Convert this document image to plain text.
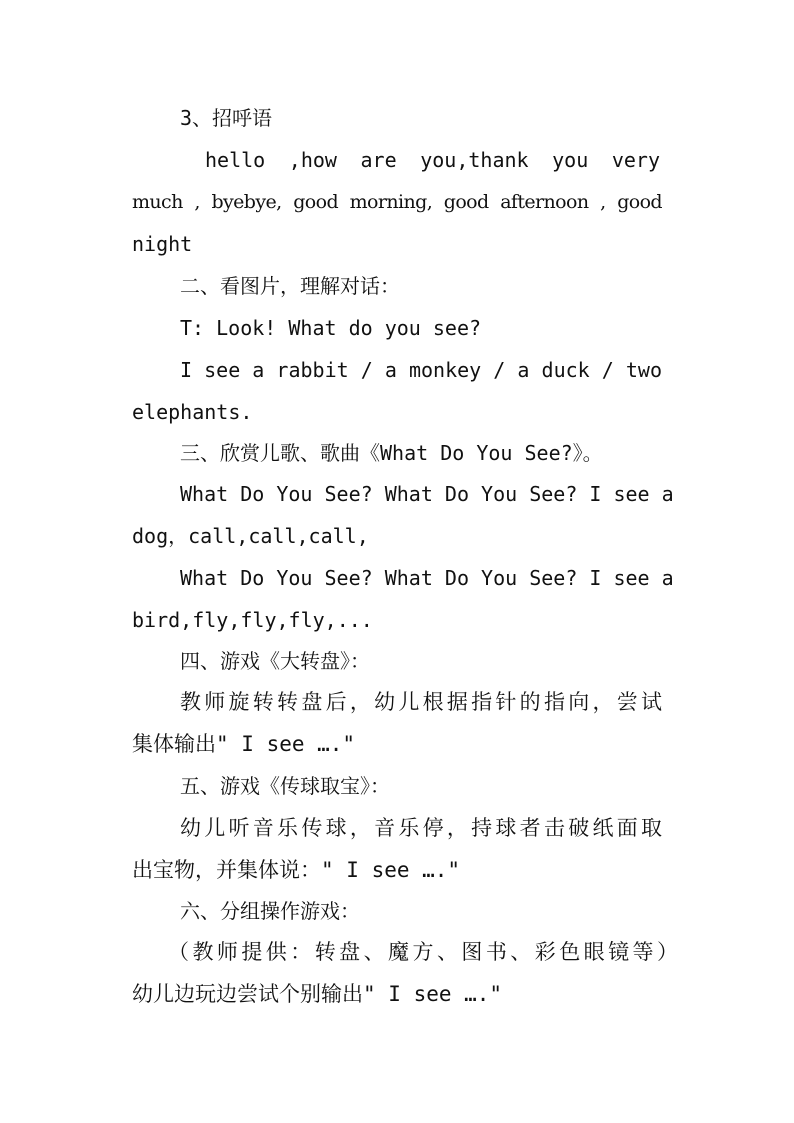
3、招呼语
hello ,how are you,thank you very
much , byebye, good morning, good afternoon , good
night
二、看图片，理解对话：
T: Look! What do you see?
I see a rabbit / a monkey / a duck / two
elephants.
三、欣赏儿歌、歌曲《What Do You See?》。
What Do You See? What Do You See? I see a
dog，call,call,call,
What Do You See? What Do You See? I see a
bird,fly,fly,fly,...
四、游戏《大转盘》：
教师旋转转盘后，幼儿根据指针的指向，尝试
集体输出" I see …."
五、游戏《传球取宝》：
幼儿听音乐传球，音乐停，持球者击破纸面取
出宝物，并集体说：" I see …."
六、分组操作游戏：
（教师提供：转盘、魔方、图书、彩色眼镜等）
幼儿边玩边尝试个别输出" I see …."
